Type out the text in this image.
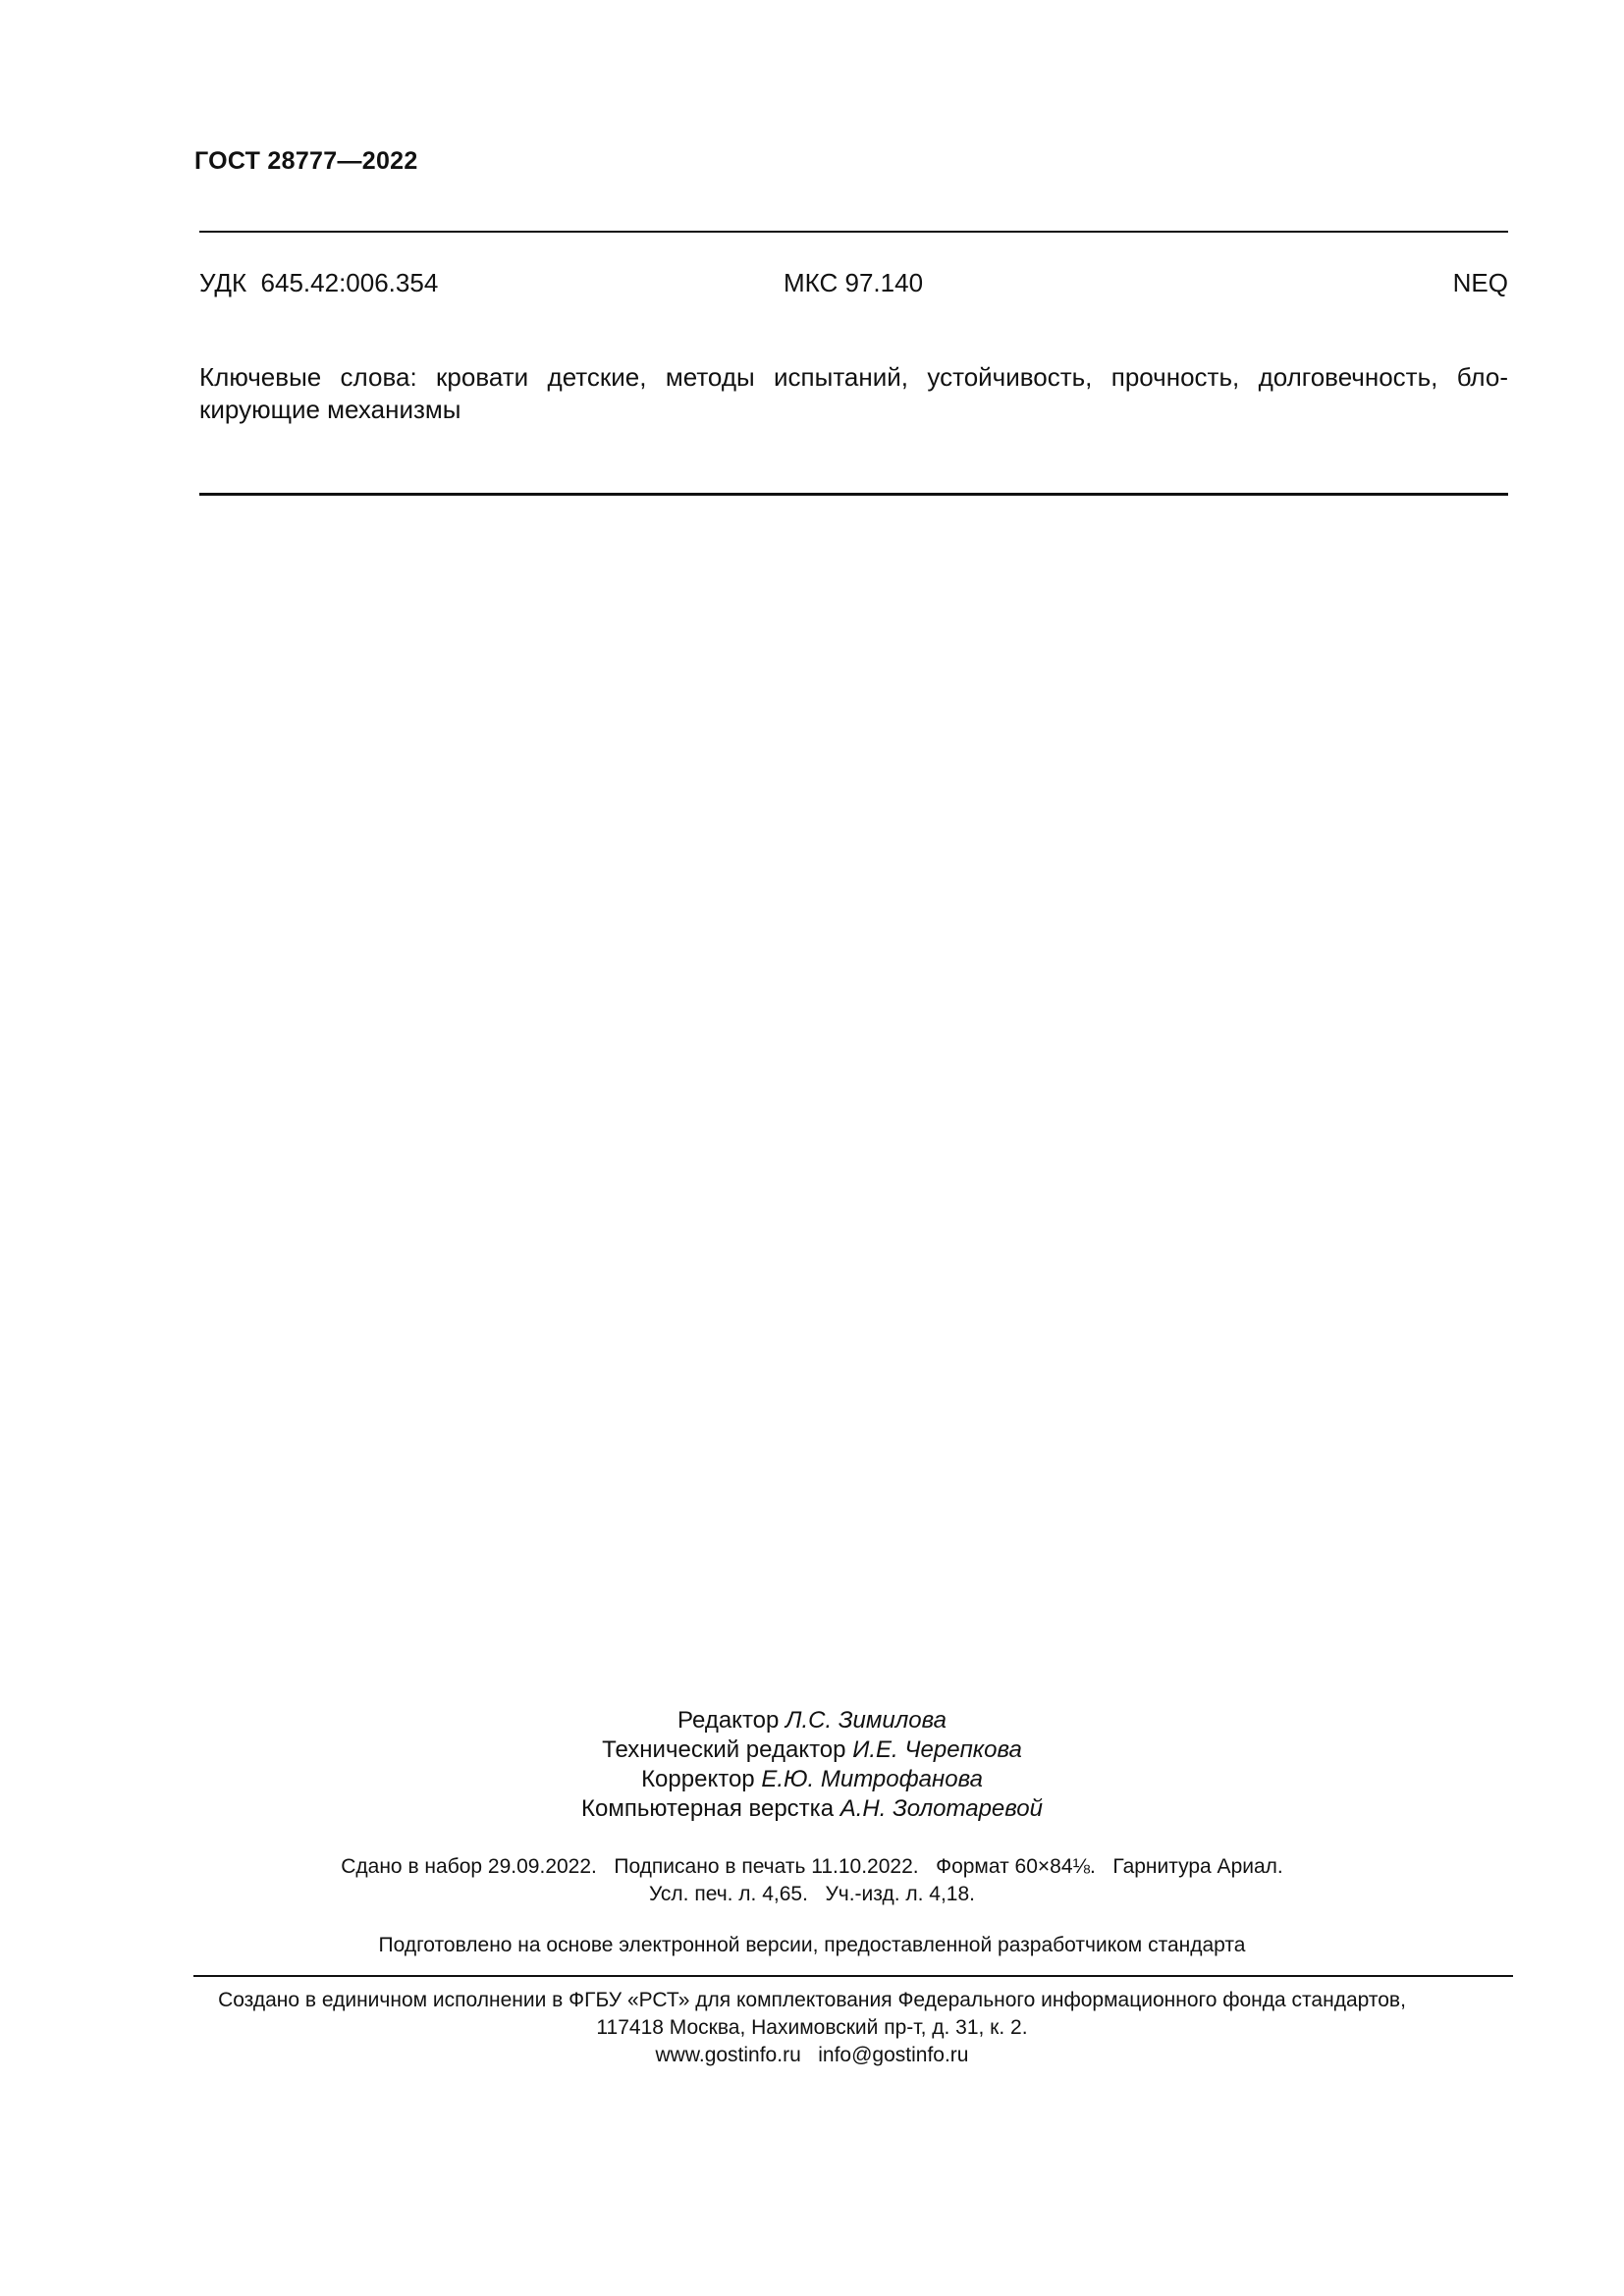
ГОСТ 28777—2022
УДК  645.42:006.354	МКС 97.140	NEQ
Ключевые слова: кровати детские, методы испытаний, устойчивость, прочность, долговечность, бло-
кирующие механизмы
Редактор Л.С. Зимилова
Технический редактор И.Е. Черепкова
Корректор Е.Ю. Митрофанова
Компьютерная верстка А.Н. Золотаревой
Сдано в набор 29.09.2022.   Подписано в печать 11.10.2022.   Формат 60×84⅛.   Гарнитура Ариал.
Усл. печ. л. 4,65.   Уч.-изд. л. 4,18.
Подготовлено на основе электронной версии, предоставленной разработчиком стандарта
Создано в единичном исполнении в ФГБУ «РСТ» для комплектования Федерального информационного фонда стандартов,
117418 Москва, Нахимовский пр-т, д. 31, к. 2.
www.gostinfo.ru   info@gostinfo.ru
